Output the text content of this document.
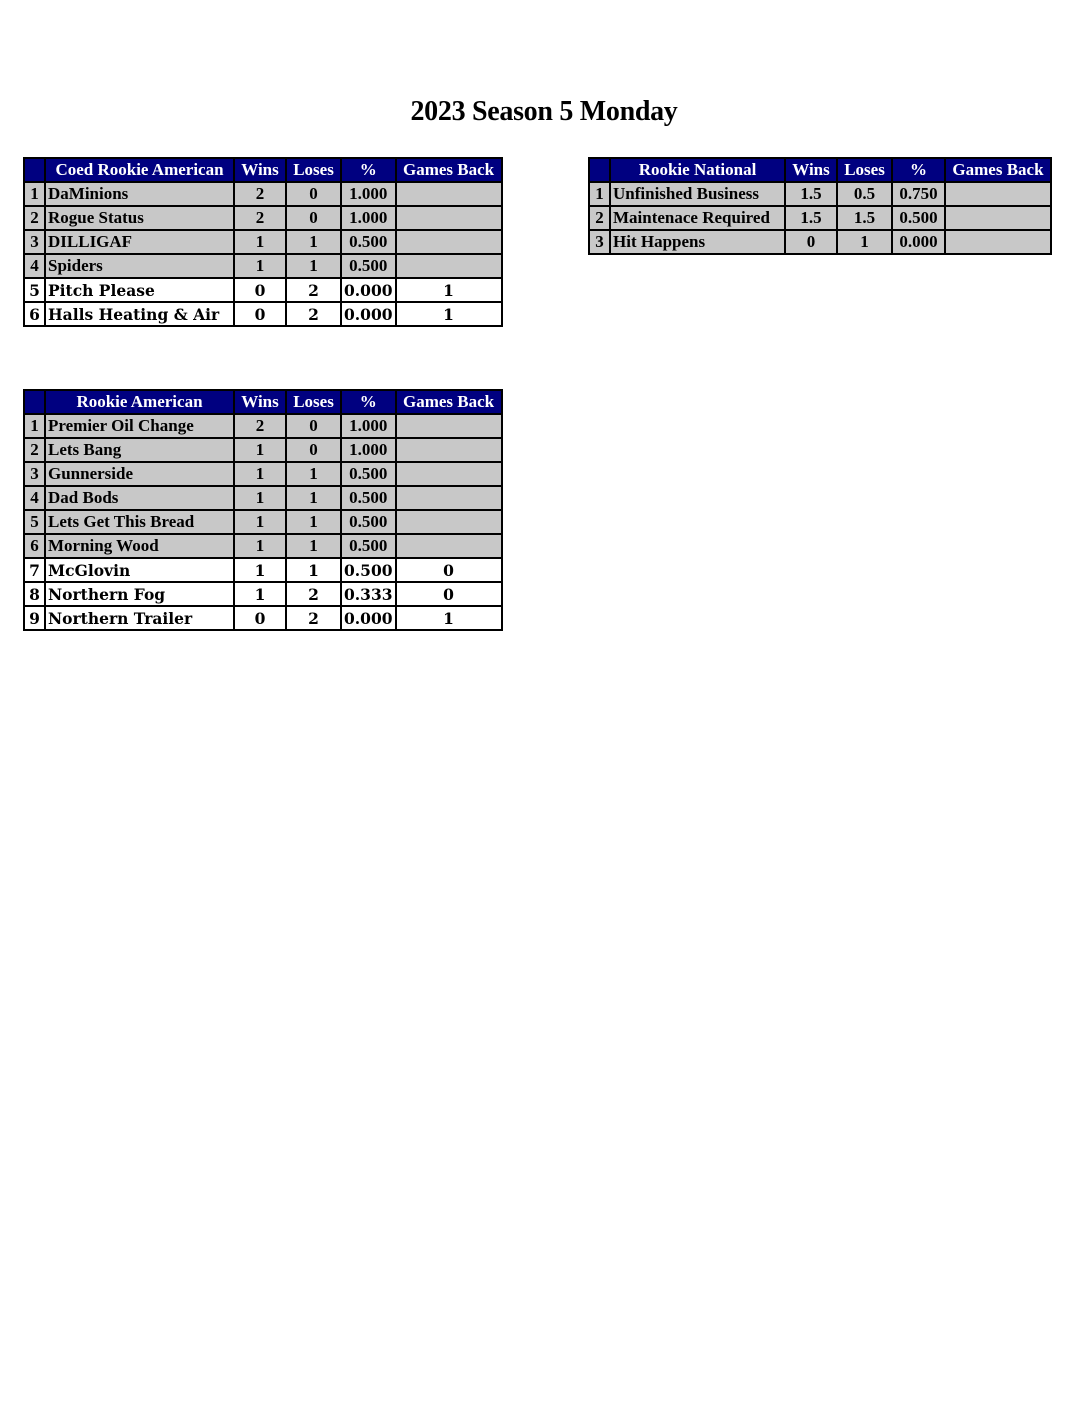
2023 Season 5 Monday
	Coed Rookie American	Wins	Loses	%	Games Back
1	DaMinions	2	0	1.000	
2	Rogue Status	2	0	1.000	
3	DILLIGAF	1	1	0.500	
4	Spiders	1	1	0.500	
5	Pitch Please	0	2	0.000	1
6	Halls Heating & Air	0	2	0.000	1
	Rookie National	Wins	Loses	%	Games Back
1	Unfinished Business	1.5	0.5	0.750	
2	Maintenace Required	1.5	1.5	0.500	
3	Hit Happens	0	1	0.000	
	Rookie American	Wins	Loses	%	Games Back
1	Premier Oil Change	2	0	1.000	
2	Lets Bang	1	0	1.000	
3	Gunnerside	1	1	0.500	
4	Dad Bods	1	1	0.500	
5	Lets Get This Bread	1	1	0.500	
6	Morning Wood	1	1	0.500	
7	McGlovin	1	1	0.500	0
8	Northern Fog	1	2	0.333	0
9	Northern Trailer	0	2	0.000	1
